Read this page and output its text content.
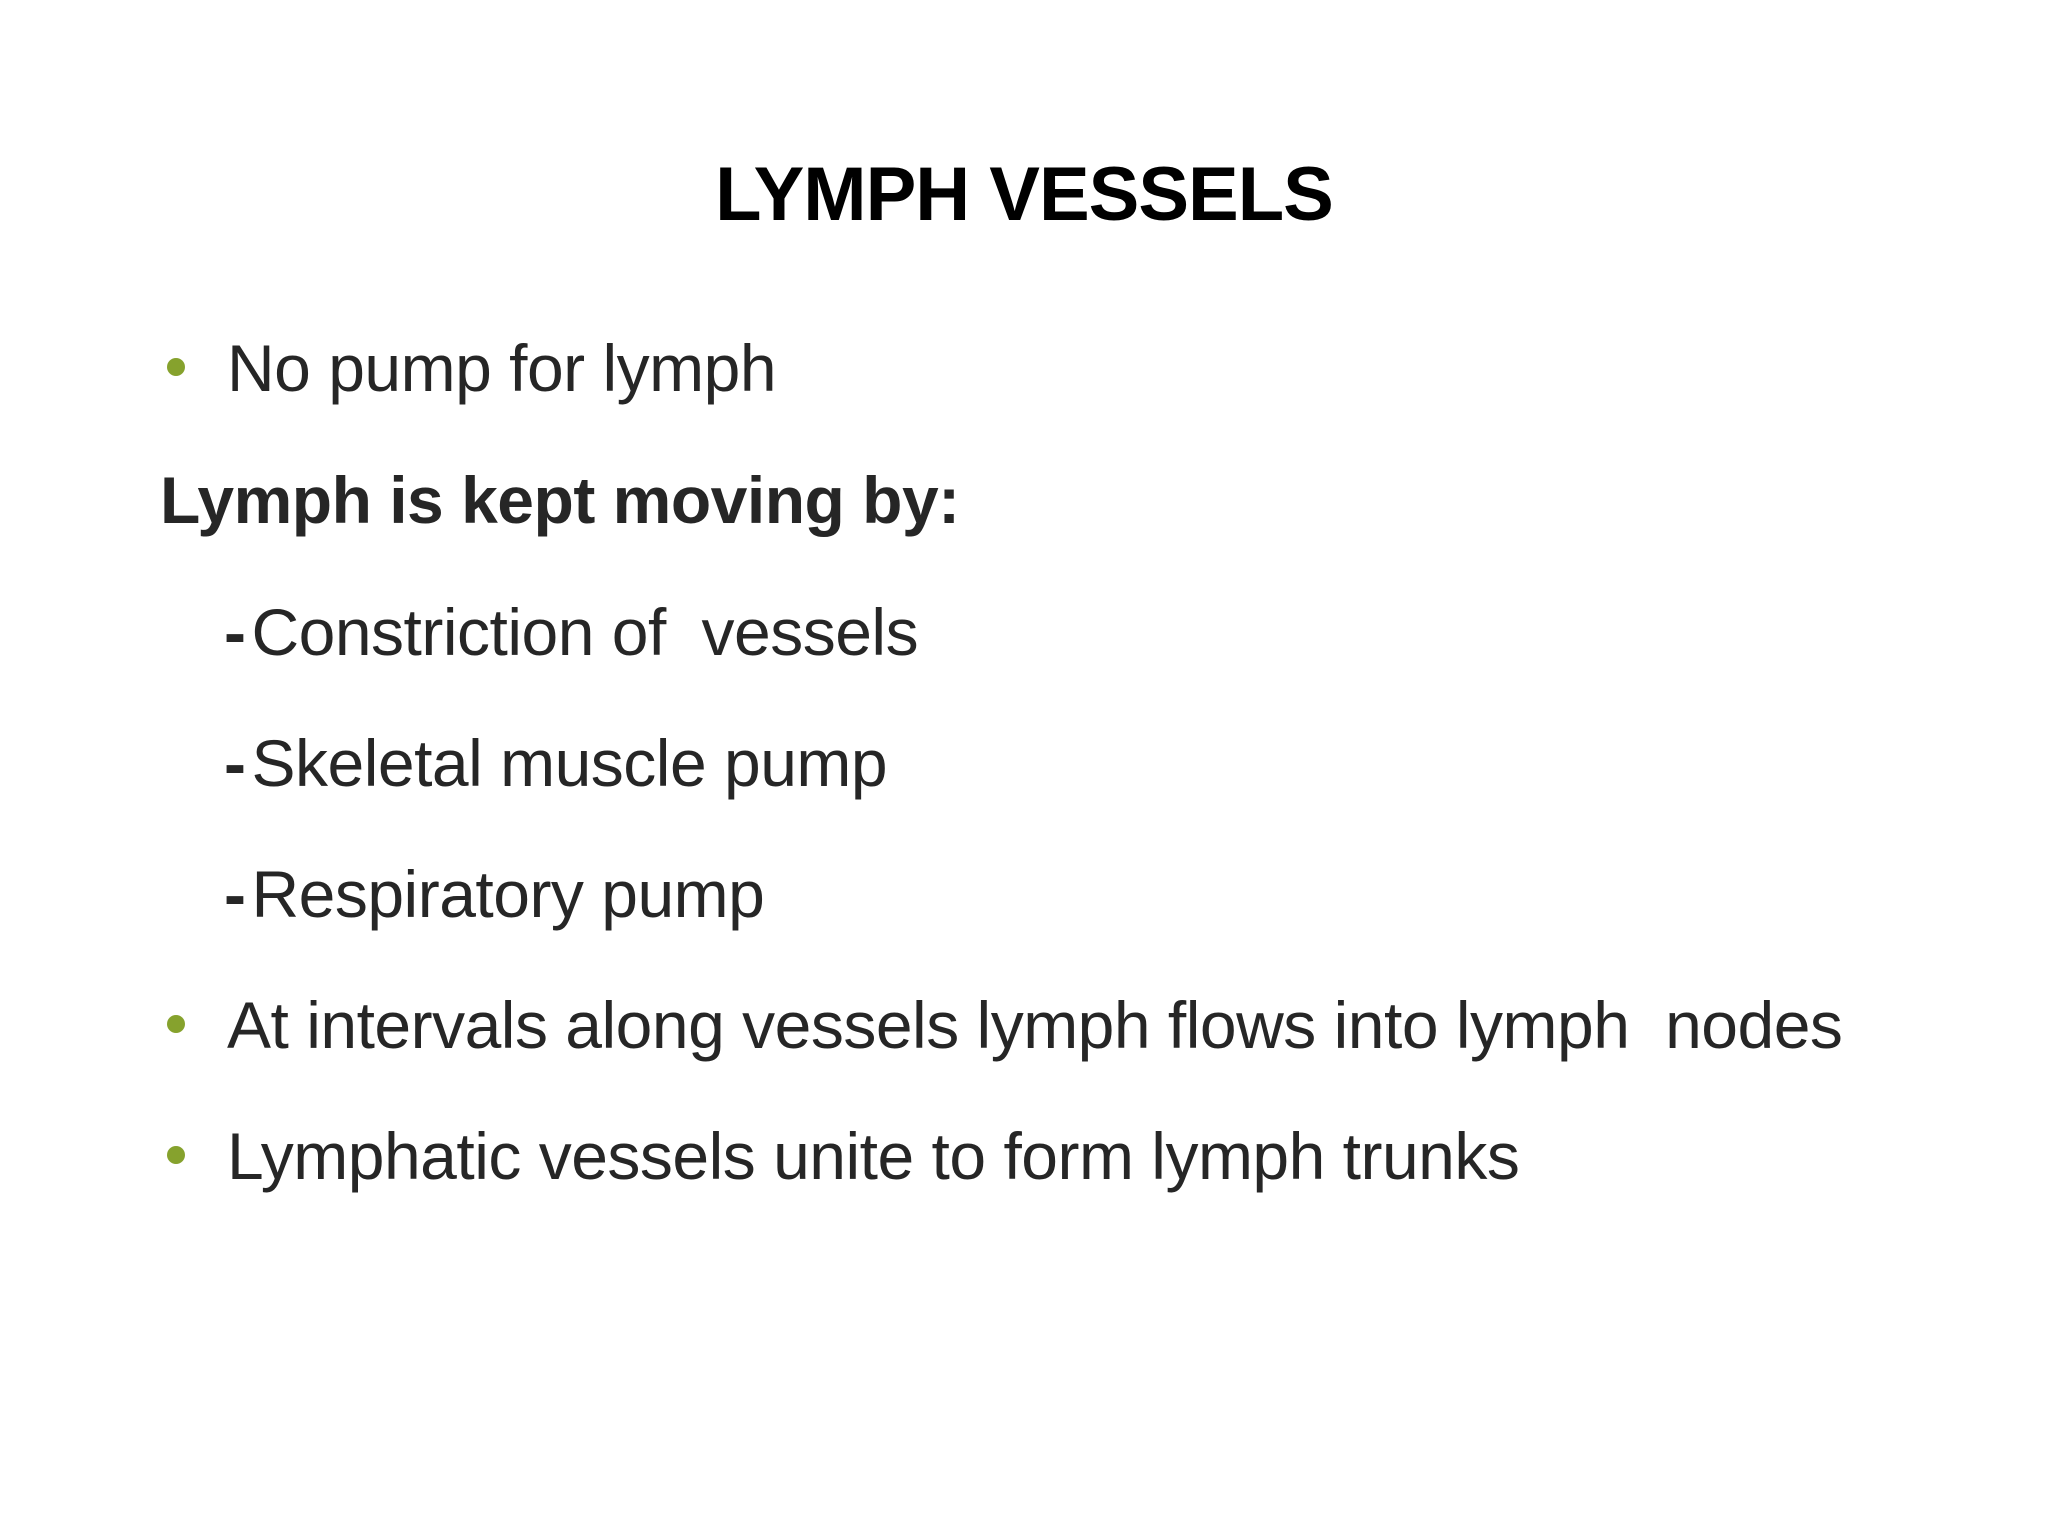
LYMPH VESSELS
No pump for lymph
Lymph is kept moving by:
-Constriction of  vessels
-Skeletal muscle pump
-Respiratory pump
At intervals along vessels lymph flows into lymph  nodes
Lymphatic vessels unite to form lymph trunks
